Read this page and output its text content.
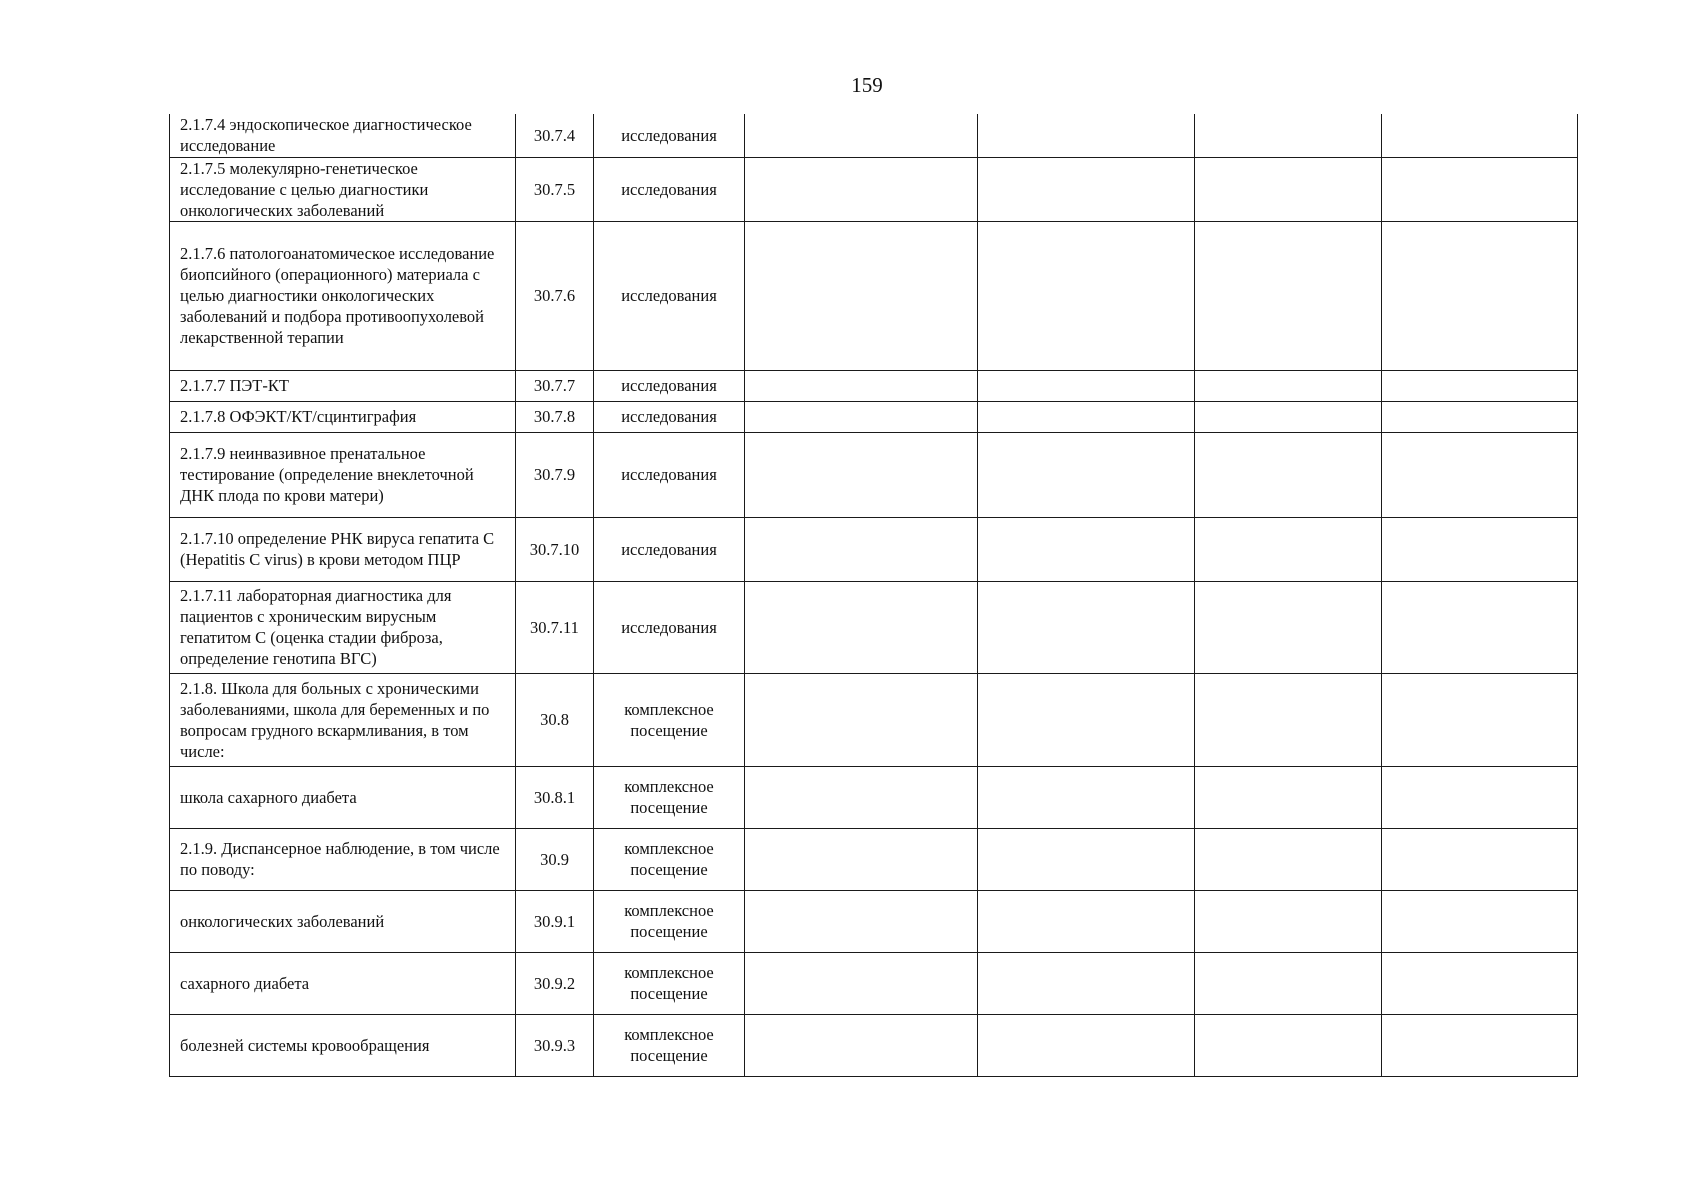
159
2.1.7.4 эндоскопическое диагностическое исследование	30.7.4	исследования				
2.1.7.5 молекулярно-генетическое исследование с целью диагностики онкологических заболеваний	30.7.5	исследования				
2.1.7.6 патологоанатомическое исследование биопсийного (операционного) материала с целью диагностики онкологических заболеваний и подбора противоопухолевой лекарственной терапии	30.7.6	исследования				
2.1.7.7 ПЭТ-КТ	30.7.7	исследования				
2.1.7.8 ОФЭКТ/КТ/сцинтиграфия	30.7.8	исследования				
2.1.7.9 неинвазивное пренатальное тестирование (определение внеклеточной ДНК плода по крови матери)	30.7.9	исследования				
2.1.7.10 определение РНК вируса гепатита С (Hepatitis C virus) в крови методом ПЦР	30.7.10	исследования				
2.1.7.11 лабораторная диагностика для пациентов с хроническим вирусным гепатитом С (оценка стадии фиброза, определение генотипа ВГС)	30.7.11	исследования				
2.1.8. Школа для больных с хроническими заболеваниями, школа для беременных и по вопросам грудного вскармливания, в том числе:	30.8	комплексное посещение				
школа сахарного диабета	30.8.1	комплексное посещение				
2.1.9. Диспансерное наблюдение, в том числе по поводу:	30.9	комплексное посещение				
онкологических заболеваний	30.9.1	комплексное посещение				
сахарного диабета	30.9.2	комплексное посещение				
болезней системы кровообращения	30.9.3	комплексное посещение				
